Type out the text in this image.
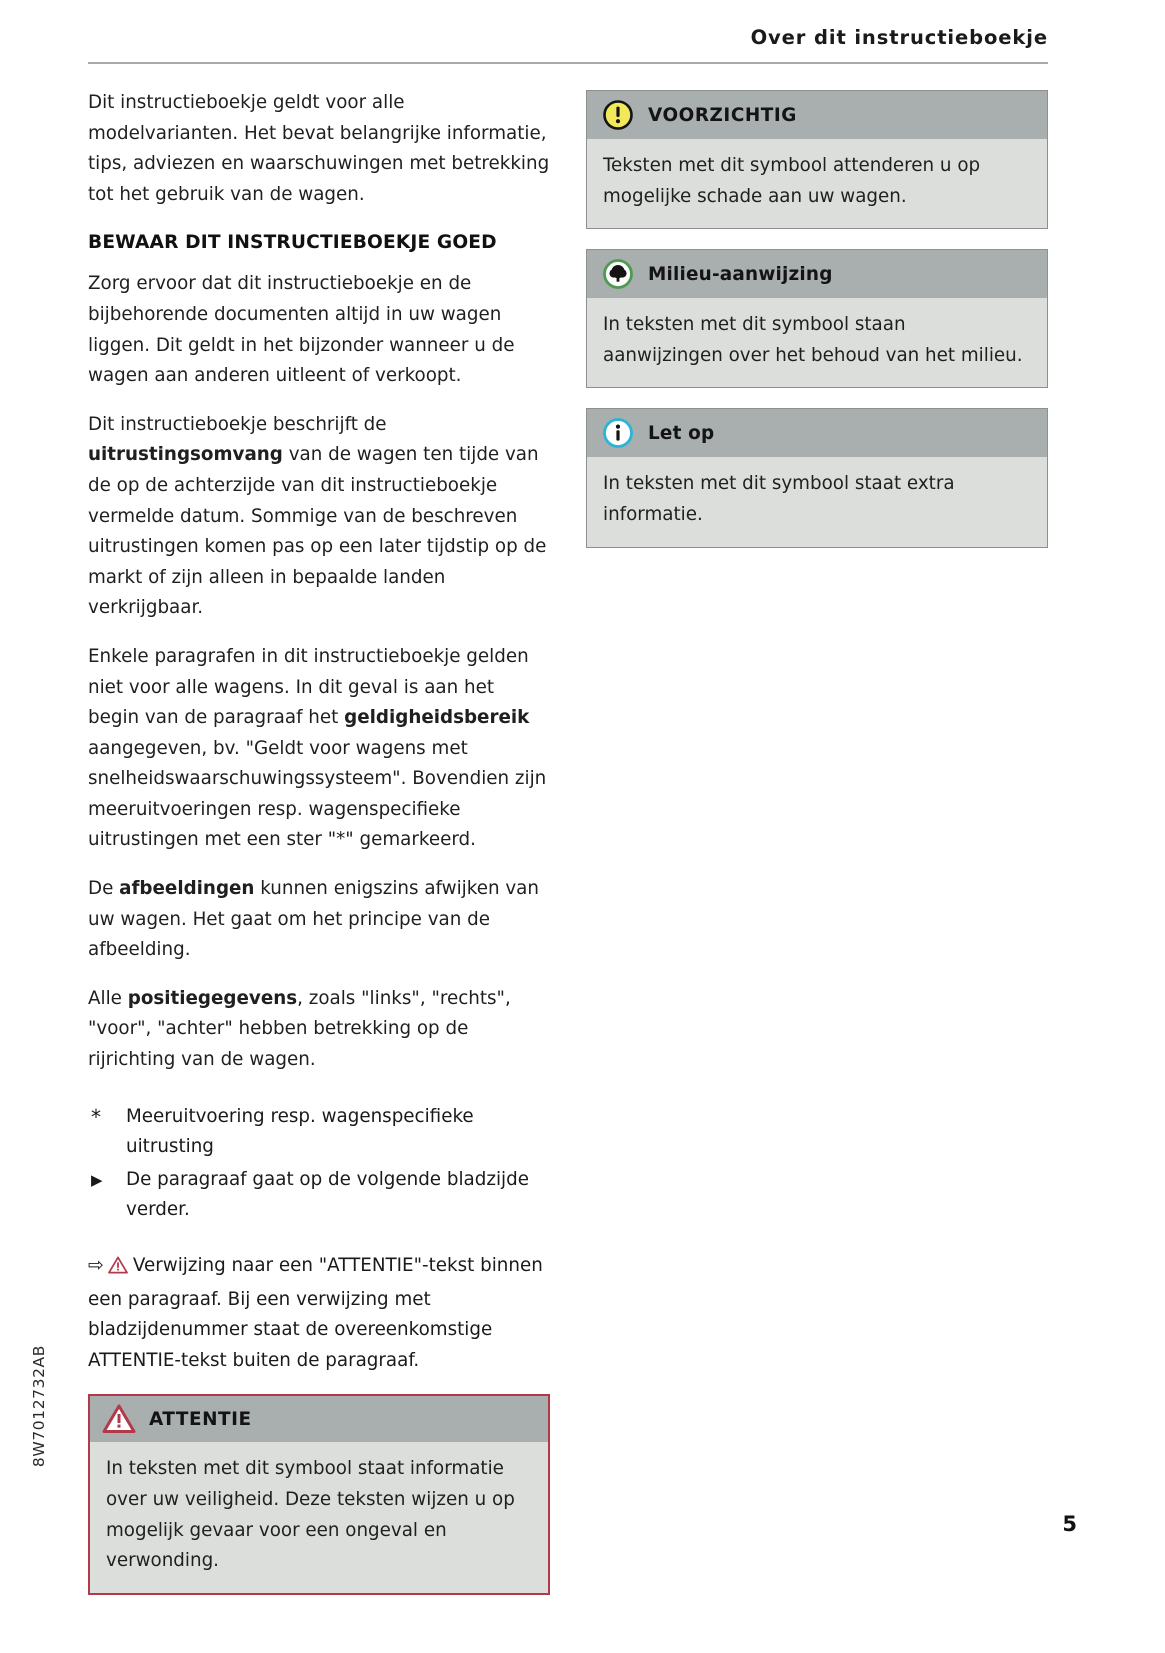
Over dit instructieboekje

Dit instructieboekje geldt voor alle modelvarianten. Het bevat belangrijke informatie, tips, adviezen en waarschuwingen met betrekking tot het gebruik van de wagen.

BEWAAR DIT INSTRUCTIEBOEKJE GOED

Zorg ervoor dat dit instructieboekje en de bijbehorende documenten altijd in uw wagen liggen. Dit geldt in het bijzonder wanneer u de wagen aan anderen uitleent of verkoopt.

Dit instructieboekje beschrijft de uitrustingsomvang van de wagen ten tijde van de op de achterzijde van dit instructieboekje vermelde datum. Sommige van de beschreven uitrustingen komen pas op een later tijdstip op de markt of zijn alleen in bepaalde landen verkrijgbaar.

Enkele paragrafen in dit instructieboekje gelden niet voor alle wagens. In dit geval is aan het begin van de paragraaf het geldigheidsbereik aangegeven, bv. "Geldt voor wagens met snelheidswaarschuwingssysteem". Bovendien zijn meeruitvoeringen resp. wagenspecifieke uitrustingen met een ster "*" gemarkeerd.

De afbeeldingen kunnen enigszins afwijken van uw wagen. Het gaat om het principe van de afbeelding.

Alle positiegegevens, zoals "links", "rechts", "voor", "achter" hebben betrekking op de rijrichting van de wagen.

*	Meeruitvoering resp. wagenspecifieke uitrusting
▶	De paragraaf gaat op de volgende bladzijde verder.

⇨ Verwijzing naar een "ATTENTIE"-tekst binnen een paragraaf. Bij een verwijzing met bladzijdenummer staat de overeenkomstige ATTENTIE-tekst buiten de paragraaf.

ATTENTIE
In teksten met dit symbool staat informatie over uw veiligheid. Deze teksten wijzen u op mogelijk gevaar voor een ongeval en verwonding.
VOORZICHTIG
Teksten met dit symbool attenderen u op mogelijke schade aan uw wagen.
Milieu-aanwijzing
In teksten met dit symbool staan aanwijzingen over het behoud van het milieu.
Let op
In teksten met dit symbool staat extra informatie.
8W7012732AB
5
